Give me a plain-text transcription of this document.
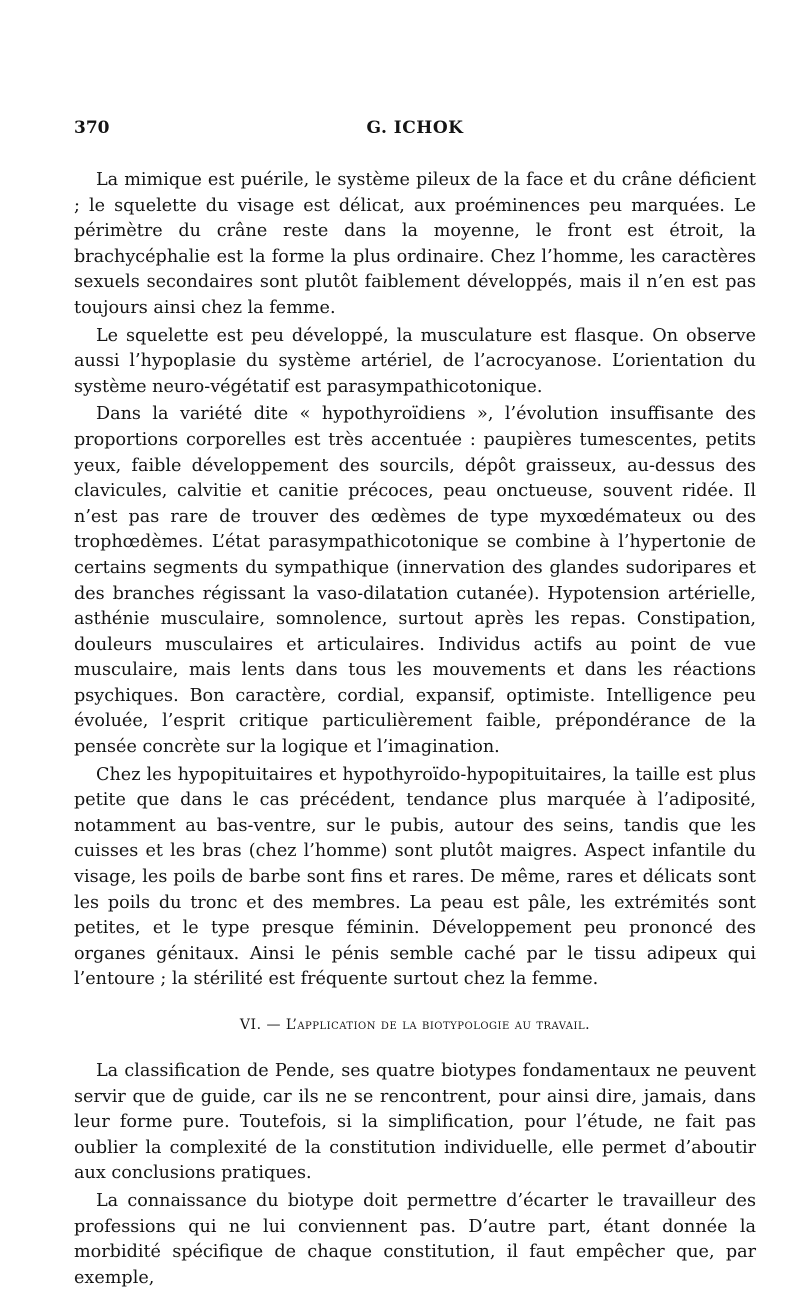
370	G. ICHOK

La mimique est puérile, le système pileux de la face et du crâne déficient ; le squelette du visage est délicat, aux proéminences peu marquées. Le périmètre du crâne reste dans la moyenne, le front est étroit, la brachycéphalie est la forme la plus ordinaire. Chez l’homme, les caractères sexuels secondaires sont plutôt faiblement développés, mais il n’en est pas toujours ainsi chez la femme.

Le squelette est peu développé, la musculature est flasque. On observe aussi l’hypoplasie du système artériel, de l’acrocyanose. L’orientation du système neuro-végétatif est parasympathicotonique.

Dans la variété dite « hypothyroïdiens », l’évolution insuffisante des proportions corporelles est très accentuée : paupières tumescentes, petits yeux, faible développement des sourcils, dépôt graisseux, au-dessus des clavicules, calvitie et canitie précoces, peau onctueuse, souvent ridée. Il n’est pas rare de trouver des œdèmes de type myxœdémateux ou des trophœdèmes. L’état parasympathicotonique se combine à l’hypertonie de certains segments du sympathique (innervation des glandes sudoripares et des branches régissant la vaso-dilatation cutanée). Hypotension artérielle, asthénie musculaire, somnolence, surtout après les repas. Constipation, douleurs musculaires et articulaires. Individus actifs au point de vue musculaire, mais lents dans tous les mouvements et dans les réactions psychiques. Bon caractère, cordial, expansif, optimiste. Intelligence peu évoluée, l’esprit critique particulièrement faible, prépondérance de la pensée concrète sur la logique et l’imagination.

Chez les hypopituitaires et hypothyroïdo-hypopituitaires, la taille est plus petite que dans le cas précédent, tendance plus marquée à l’adiposité, notamment au bas-ventre, sur le pubis, autour des seins, tandis que les cuisses et les bras (chez l’homme) sont plutôt maigres. Aspect infantile du visage, les poils de barbe sont fins et rares. De même, rares et délicats sont les poils du tronc et des membres. La peau est pâle, les extrémités sont petites, et le type presque féminin. Développement peu prononcé des organes génitaux. Ainsi le pénis semble caché par le tissu adipeux qui l’entoure ; la stérilité est fréquente surtout chez la femme.

VI. — L’application de la biotypologie au travail.

La classification de Pende, ses quatre biotypes fondamentaux ne peuvent servir que de guide, car ils ne se rencontrent, pour ainsi dire, jamais, dans leur forme pure. Toutefois, si la simplification, pour l’étude, ne fait pas oublier la complexité de la constitution individuelle, elle permet d’aboutir aux conclusions pratiques.

La connaissance du biotype doit permettre d’écarter le travailleur des professions qui ne lui conviennent pas. D’autre part, étant donnée la morbidité spécifique de chaque constitution, il faut empêcher que, par exemple,
